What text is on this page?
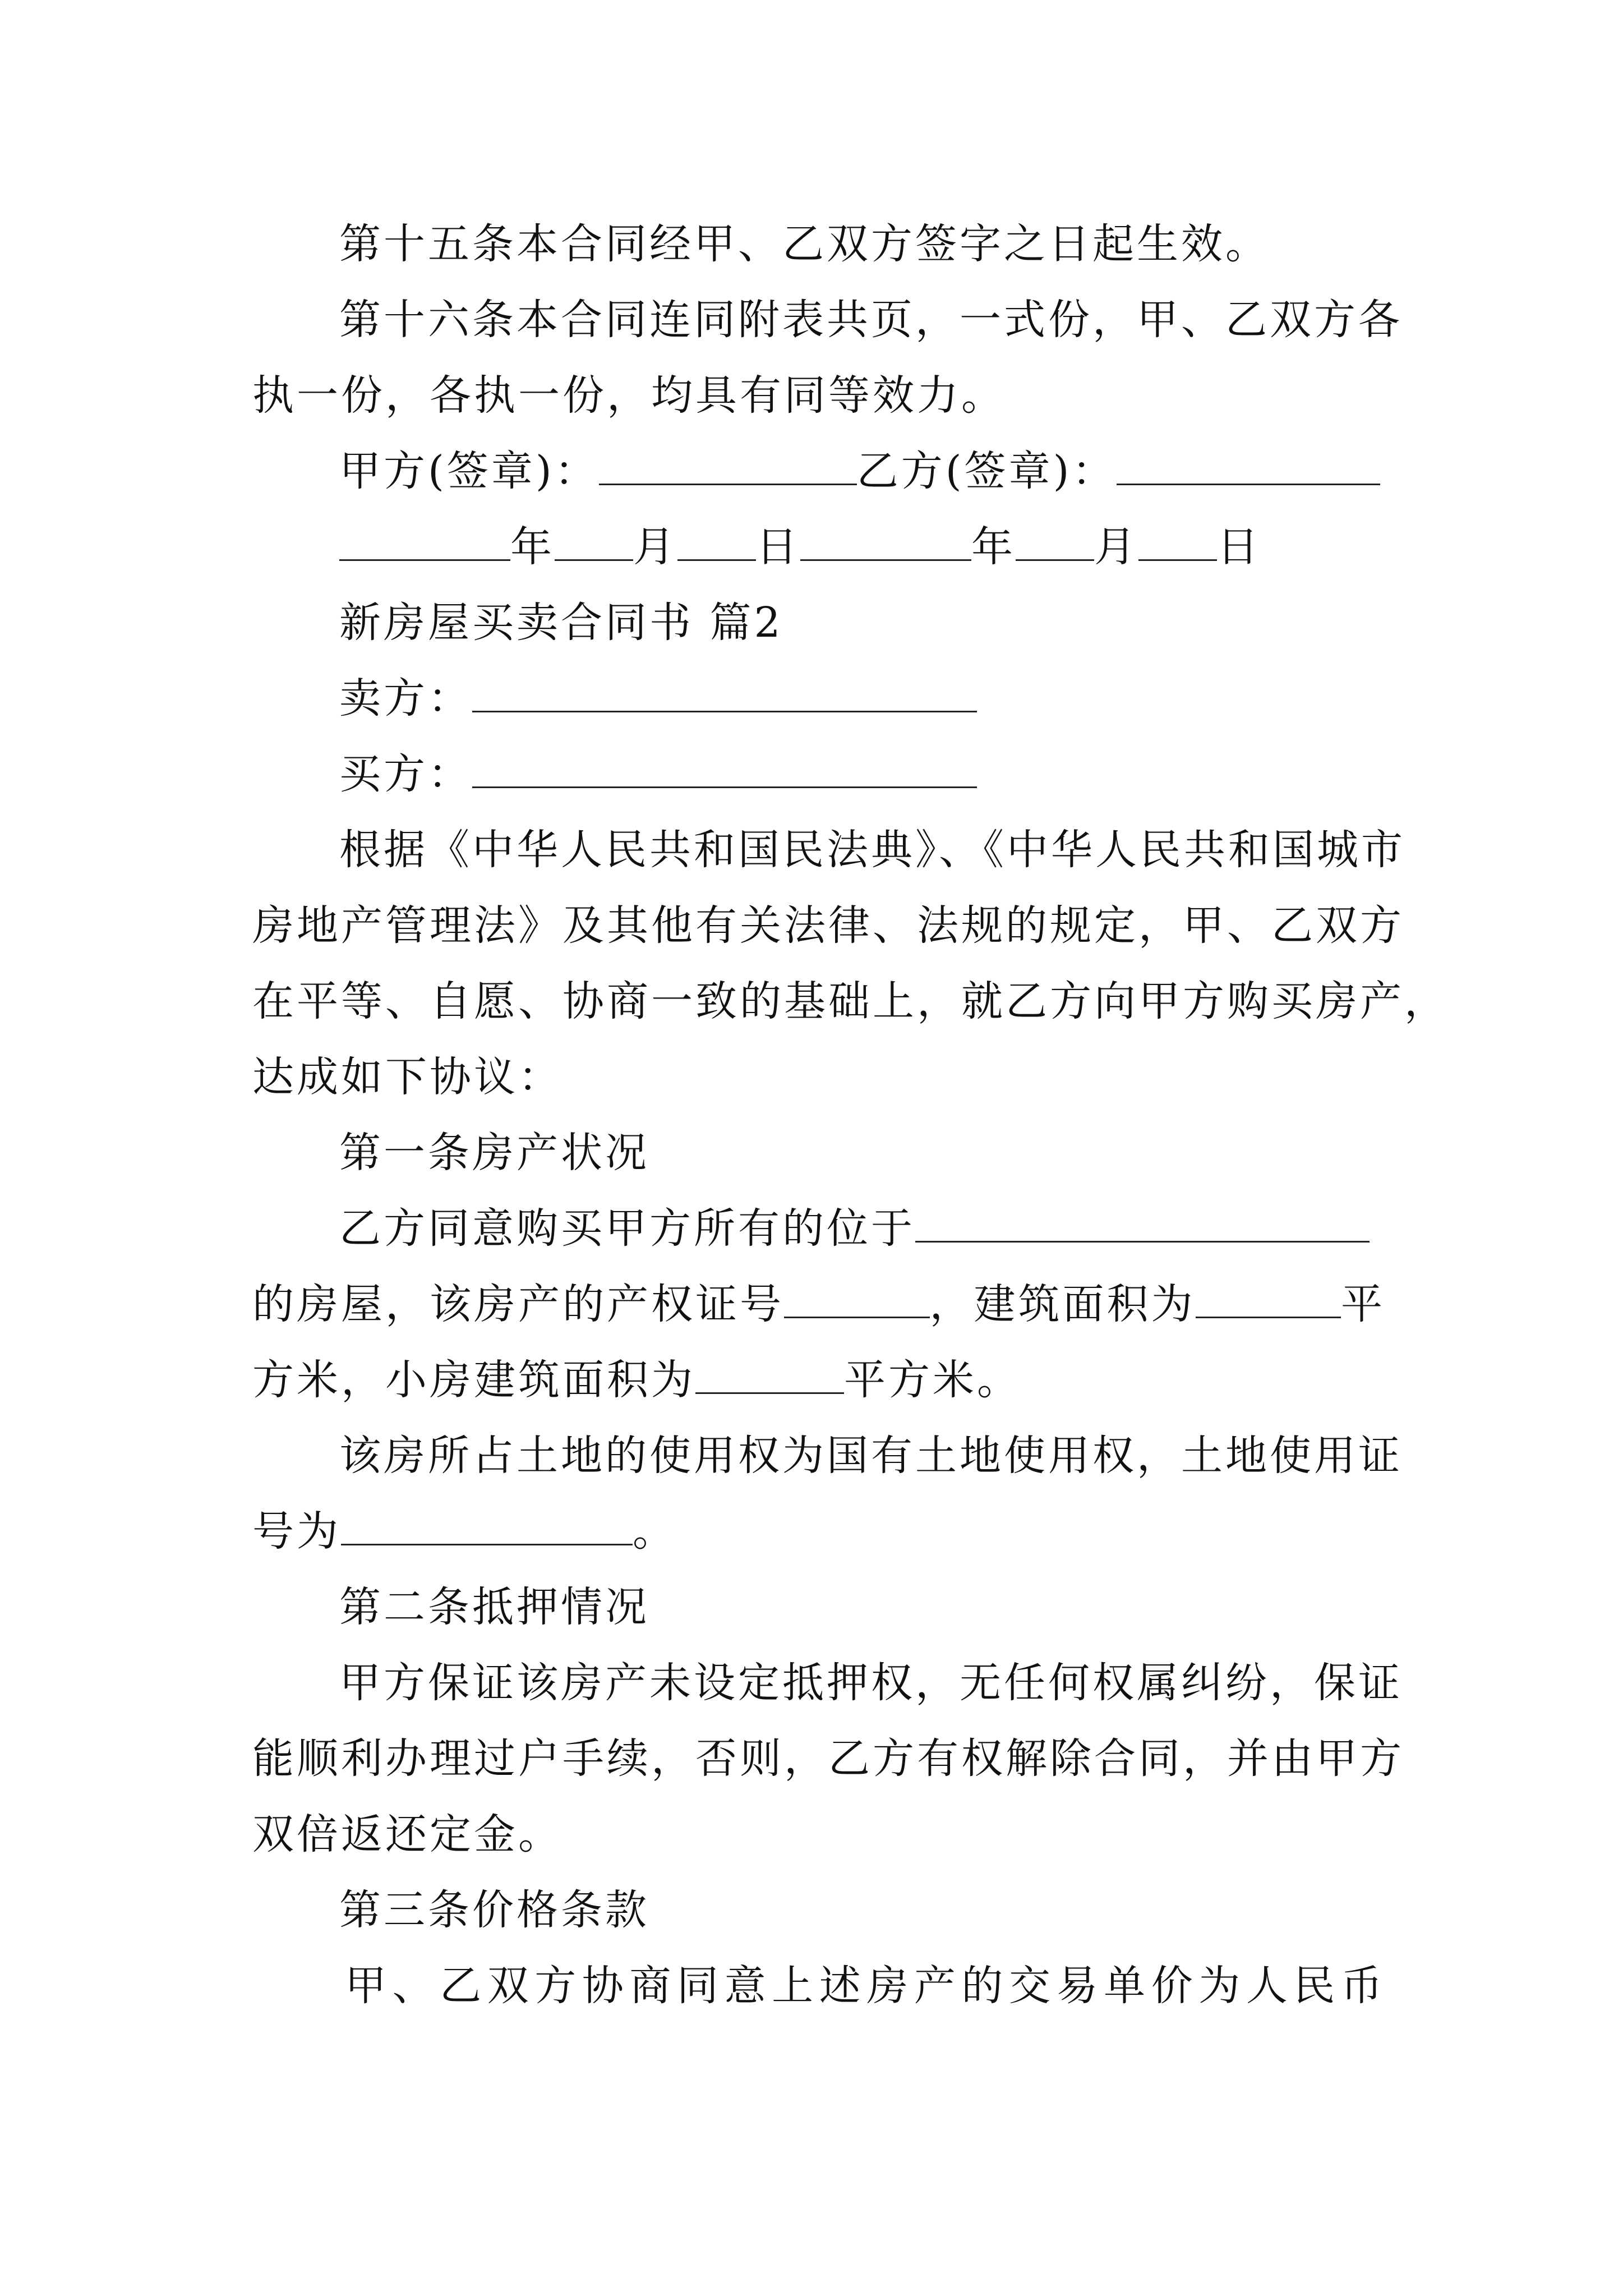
第十五条本合同经甲、乙双方签字之日起生效。
第十六条本合同连同附表共页，一式份，甲、乙双方各
执一份，各执一份，均具有同等效力。
甲方(签章)：	乙方(签章)：
年 月 日	年 月 日
新房屋买卖合同书 篇2
卖方：
买方：
根据《中华人民共和国民法典》、《中华人民共和国城市
房地产管理法》及其他有关法律、法规的规定，甲、乙双方
在平等、自愿、协商一致的基础上，就乙方向甲方购买房产，
达成如下协议：
第一条房产状况
乙方同意购买甲方所有的位于
的房屋，该房产的产权证号	，建筑面积为	平
方米，小房建筑面积为	平方米。
该房所占土地的使用权为国有土地使用权，土地使用证
号为	。
第二条抵押情况
甲方保证该房产未设定抵押权，无任何权属纠纷，保证
能顺利办理过户手续，否则，乙方有权解除合同，并由甲方
双倍返还定金。
第三条价格条款
甲、乙双方协商同意上述房产的交易单价为人民币
